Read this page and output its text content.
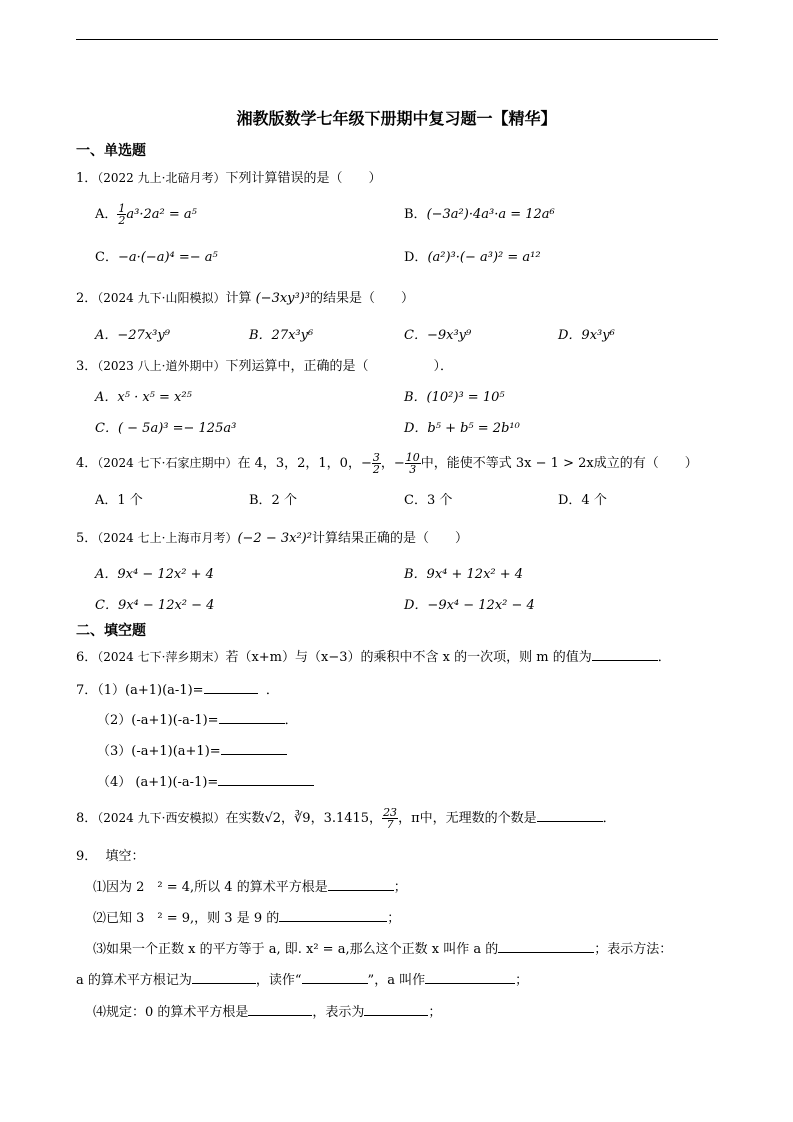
湘教版数学七年级下册期中复习题一【精华】
一、单选题
1．（2022 九上·北碚月考）下列计算错误的是（　　）
A． $\frac{1}{2} a^3\cdot 2a^2 = a^5$	B．(−3a²)·4a³·a = 12a⁶
C．−a·(−a)⁴ =− a⁵	D．(a²)³·(− a³)² = a¹²
2．（2024 九下·山阳模拟）计算 (−3xy³)³的结果是（　　）
A．−27x³y⁹	B．27x³y⁶	C．−9x³y⁹	D．9x³y⁶
3．（2023 八上·道外期中）下列运算中，正确的是（　　　　　）．
A．x⁵ · x⁵ = x²⁵	B．(10²)³ = 10⁵
C．( − 5a)³ =− 125a³	D．b⁵ + b⁵ = 2b¹⁰
4．（2024 七下·石家庄期中）在 4，3，2，1，0，− $\frac{3}{2}$ ，− $\frac{10}{3}$ 中，能使不等式 3x − 1 > 2x成立的有（　　）
A．1 个	B．2 个	C．3 个	D．4 个
5．（2024 七上·上海市月考）(−2 − 3x²)²计算结果正确的是（　　）
A．9x⁴ − 12x² + 4	B．9x⁴ + 12x² + 4
C．9x⁴ − 12x² − 4	D．−9x⁴ − 12x² − 4
二、填空题
6．（2024 七下·萍乡期末）若（x+m）与（x−3）的乘积中不含 x 的一次项，则 m 的值为	．
7．（1）(a+1)(a-1)=	．
（2）(-a+1)(-a-1)=	．
（3）(-a+1)(a+1)=
（4） (a+1)(-a-1)=
8．（2024 九下·西安模拟）在实数√2，∛9，3.1415， $\frac{23}{7}$ ，π中，无理数的个数是	．
9． 填空：
⑴因为 2　² = 4,所以 4 的算术平方根是	；
⑵已知 3　² = 9,，则 3 是 9 的	；
⑶如果一个正数 x 的平方等于 a, 即. x² = a,那么这个正数 x 叫作 a 的	；表示方法：
a 的算术平方根记为	，读作“	”，a 叫作	；
⑷规定：0 的算术平方根是	，表示为	；
